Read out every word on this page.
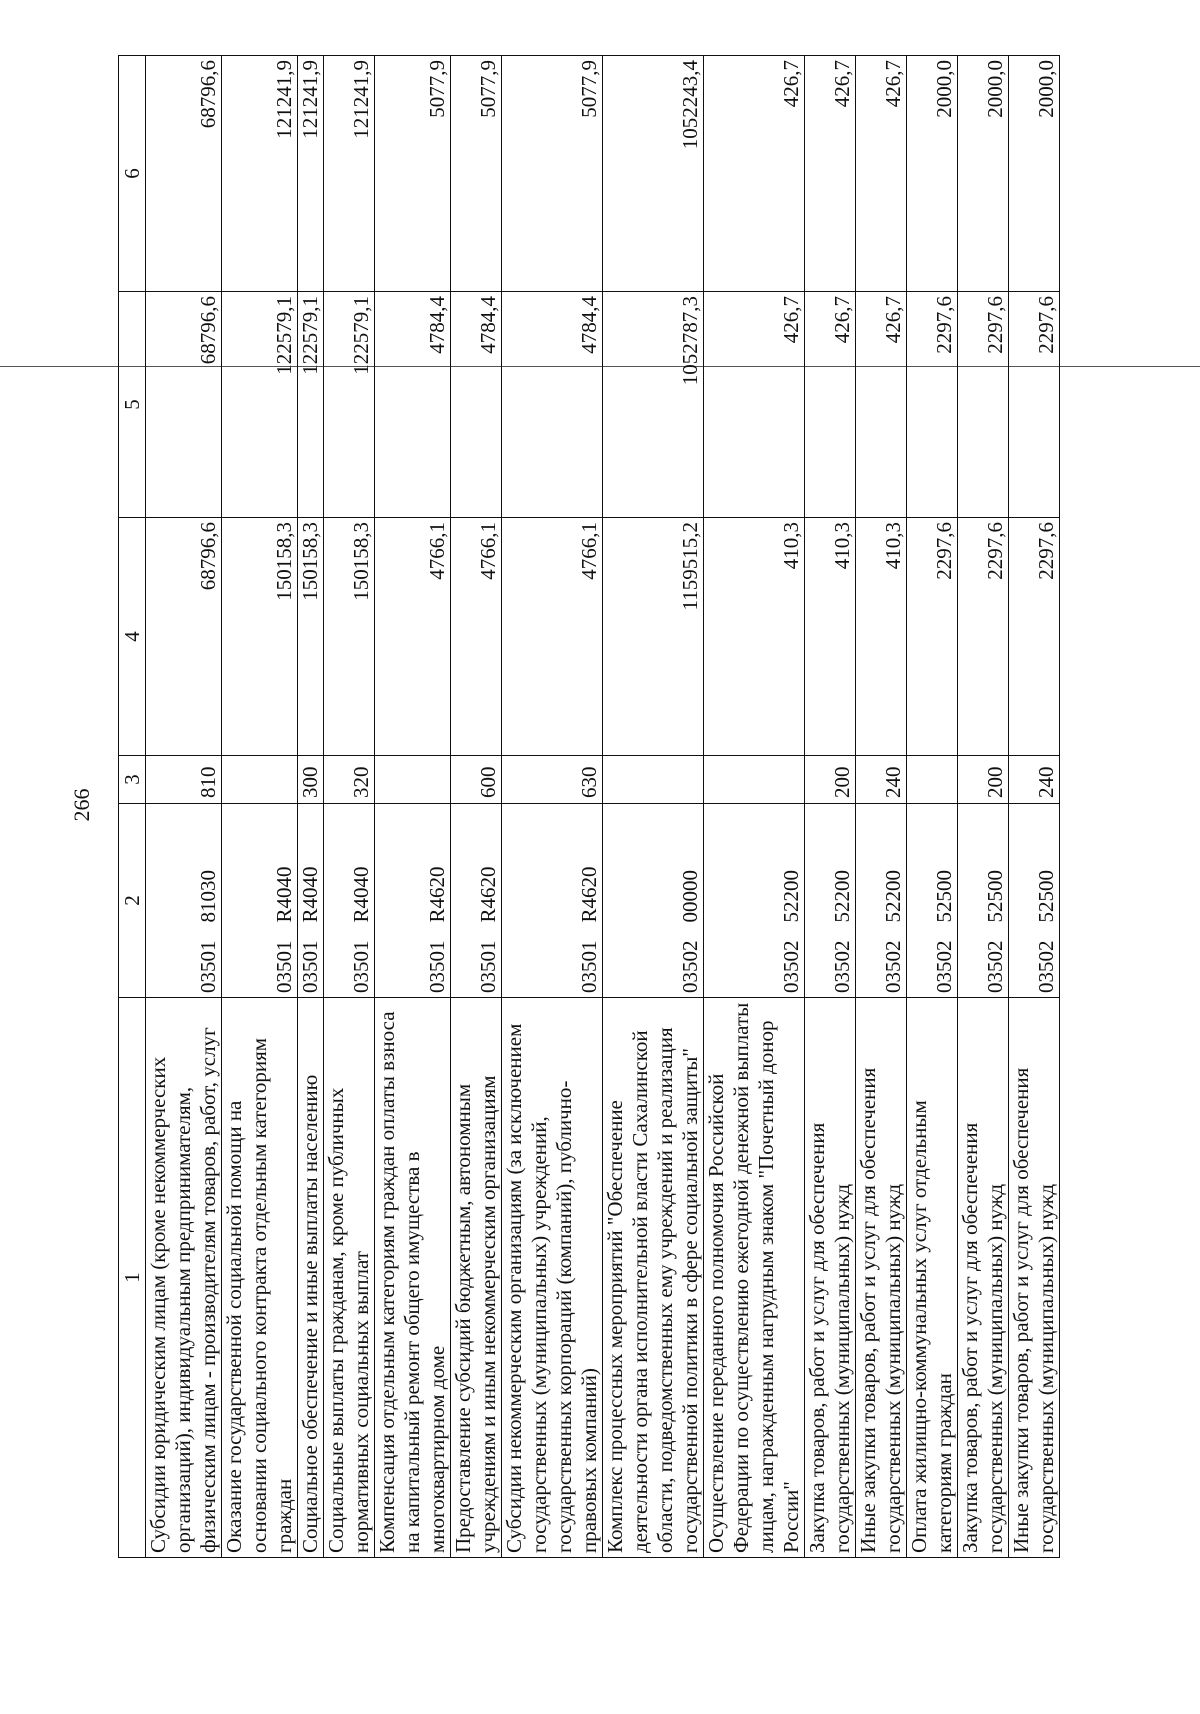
266
1	2	3	4	5	6
Субсидии юридическим лицам (кроме некоммерческих организаций), индивидуальным предпринимателям, физическим лицам - производителям товаров, работ, услуг	0350181030	810	68796,6	68796,6	68796,6
Оказание государственной социальной помощи на основании социального контракта отдельным категориям граждан	03501R4040		150158,3	122579,1	121241,9
Социальное обеспечение и иные выплаты населению	03501R4040	300	150158,3	122579,1	121241,9
Социальные выплаты гражданам, кроме публичных нормативных социальных выплат	03501R4040	320	150158,3	122579,1	121241,9
Компенсация отдельным категориям граждан оплаты взноса на капитальный ремонт общего имущества в многоквартирном доме	03501R4620		4766,1	4784,4	5077,9
Предоставление субсидий бюджетным, автономным учреждениям и иным некоммерческим организациям	03501R4620	600	4766,1	4784,4	5077,9
Субсидии некоммерческим организациям (за исключением государственных (муниципальных) учреждений, государственных корпораций (компаний), публично-правовых компаний)	03501R4620	630	4766,1	4784,4	5077,9
Комплекс процессных мероприятий "Обеспечение деятельности органа исполнительной власти Сахалинской области, подведомственных ему учреждений и реализация государственной политики в сфере социальной защиты"	0350200000		1159515,2	1052787,3	1052243,4
Осуществление переданного полномочия Российской Федерации по осуществлению ежегодной денежной выплаты лицам, награжденным нагрудным знаком "Почетный донор России"	0350252200		410,3	426,7	426,7
Закупка товаров, работ и услуг для обеспечения государственных (муниципальных) нужд	0350252200	200	410,3	426,7	426,7
Иные закупки товаров, работ и услуг для обеспечения государственных (муниципальных) нужд	0350252200	240	410,3	426,7	426,7
Оплата жилищно-коммунальных услуг отдельным категориям граждан	0350252500		2297,6	2297,6	2000,0
Закупка товаров, работ и услуг для обеспечения государственных (муниципальных) нужд	0350252500	200	2297,6	2297,6	2000,0
Иные закупки товаров, работ и услуг для обеспечения государственных (муниципальных) нужд	0350252500	240	2297,6	2297,6	2000,0
